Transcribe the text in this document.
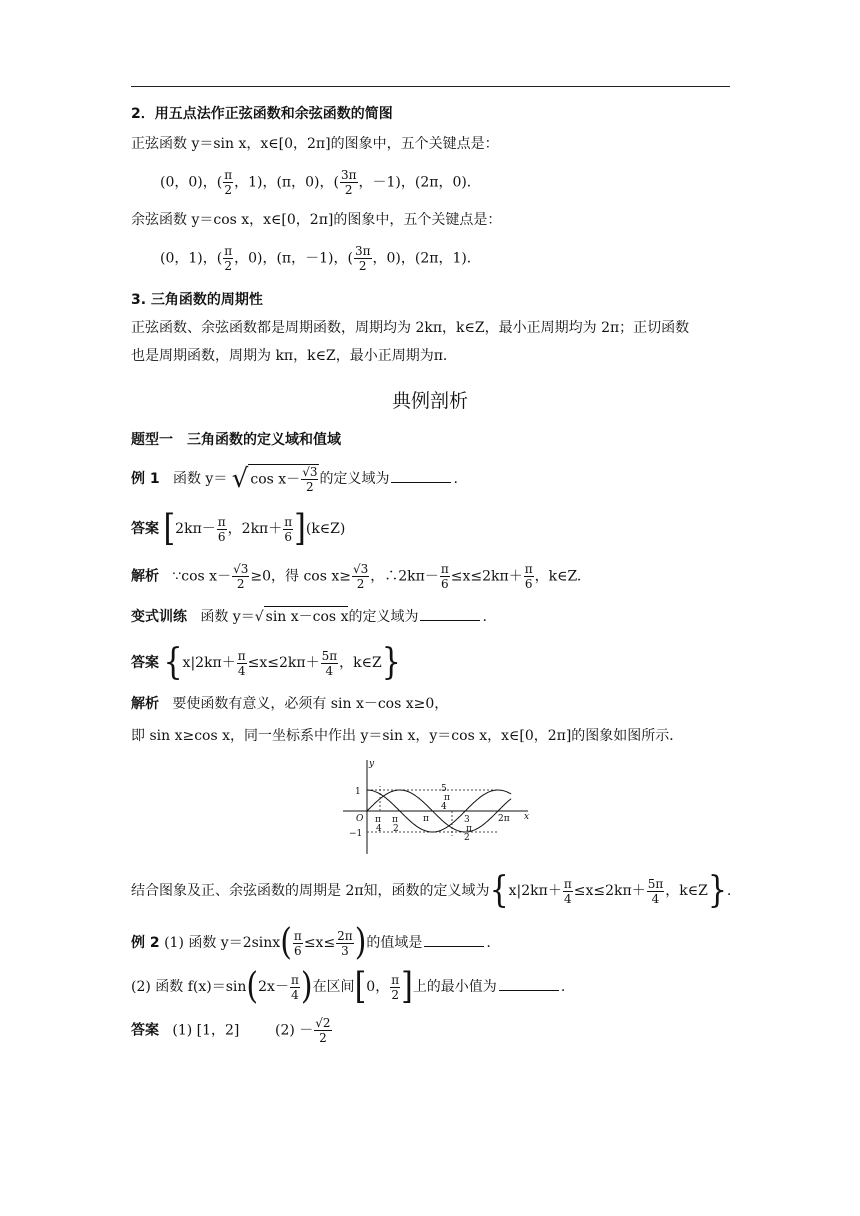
2．用五点法作正弦函数和余弦函数的简图
正弦函数 y＝sin x，x∈[0，2π]的图象中，五个关键点是：
(0，0)，( $\frac{\pi}{2}$ ，1)，(π，0)，( $\frac{3\pi}{2}$ ，－1)，(2π，0)．
余弦函数 y＝cos x，x∈[0，2π]的图象中，五个关键点是：
(0，1)，( $\frac{\pi}{2}$ ，0)，(π，－1)，( $\frac{3\pi}{2}$ ，0)，(2π，1)．
3. 三角函数的周期性
正弦函数、余弦函数都是周期函数，周期均为 2kπ，k∈Z，最小正周期均为 2π；正切函数
也是周期函数，周期为 kπ，k∈Z，最小正周期为π．
典例剖析
题型一　三角函数的定义域和值域
例 1 函数 y＝ √ $\cos x- \frac{√3}{2}$ 的定义域为	.
答案 [$2k\pi- \frac{\pi}{6}$ ，$2k\pi+ \frac{\pi}{6}$ ](k∈Z)
解析 ∵cos $x- \frac{√3}{2} \ge 0$，得 $\cos x\ge \frac{√3}{2}$ ，∴2kπ－ $\frac{\pi}{6} \le x\le 2k\pi+ \frac{\pi}{6}$ ，k∈Z.
变式训练 函数 y＝√ sin x－cos x的定义域为	.
答案 {$x|2k\pi+ \frac{\pi}{4} \le x\le 2k\pi+ \frac{5\pi}{4}$ ，k∈Z}
解析 要使函数有意义，必须有 sin x－cos x≥0，
即 sin x≥cos x，同一坐标系中作出 y＝sin x，y＝cos x，x∈[0，2π]的图象如图所示．
y
x
1
−1
O π
4
π
2
π
5
π
4
3
π
2
2π
结合图象及正、余弦函数的周期是 2π知，函数的定义域为{$x|2k\pi+ \frac{\pi}{4} \le x\le 2k\pi+ \frac{5\pi}{4}$ ，k∈Z}.
例 2 (1) 函数 $y=2\sin x( \frac{\pi}{6} \le x\le \frac{2\pi}{3}$ )的值域是	.
(2) 函数 $f(x)=\sin(2x- \frac{\pi}{4}$ )在区间[0， $\frac{\pi}{2}$ ]上的最小值为	.
答案 (1) [1，2]	$(2) - \frac{√2}{2}$
